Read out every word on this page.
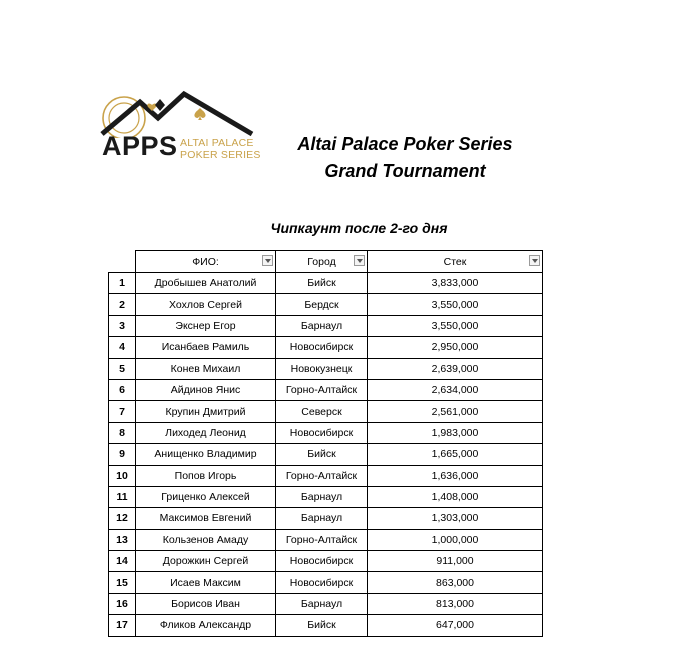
APPS ALTAI PALACE
POKER SERIES
Altai Palace Poker Series
Grand Tournament
Чипкаунт после 2-го дня
	ФИО:	Город	Стек

1	Дробышев Анатолий	Бийск	3,833,000
2	Хохлов Сергей	Бердск	3,550,000
3	Экснер Егор	Барнаул	3,550,000
4	Исанбаев Рамиль	Новосибирск	2,950,000
5	Конев Михаил	Новокузнецк	2,639,000
6	Айдинов Янис	Горно-Алтайск	2,634,000
7	Крупин Дмитрий	Северск	2,561,000
8	Лиходед Леонид	Новосибирск	1,983,000
9	Анищенко Владимир	Бийск	1,665,000
10	Попов Игорь	Горно-Алтайск	1,636,000
11	Гриценко Алексей	Барнаул	1,408,000
12	Максимов Евгений	Барнаул	1,303,000
13	Кользенов Амаду	Горно-Алтайск	1,000,000
14	Дорожкин Сергей	Новосибирск	911,000
15	Исаев Максим	Новосибирск	863,000
16	Борисов Иван	Барнаул	813,000
17	Фликов Александр	Бийск	647,000
